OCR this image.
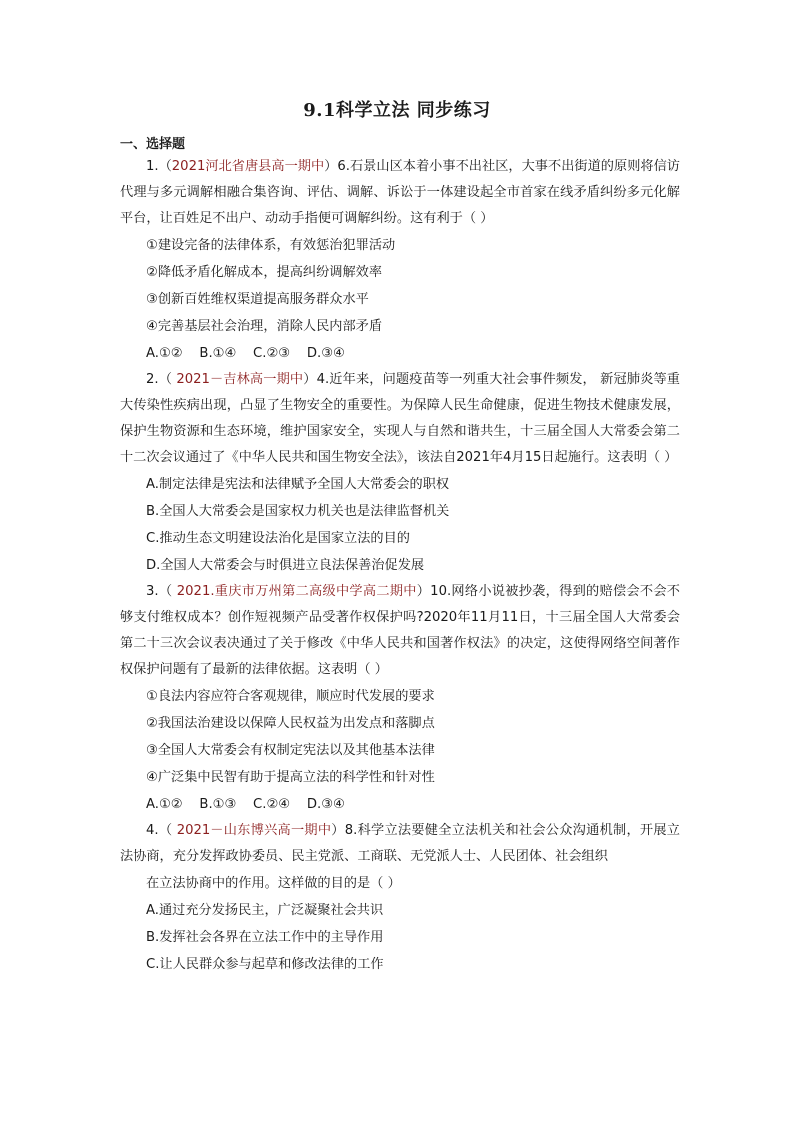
9.1科学立法 同步练习
一、选择题
1.（2021河北省唐县高一期中）6.石景山区本着小事不出社区，大事不出街道的原则将信访代理与多元调解相融合集咨询、评估、调解、诉讼于一体建设起全市首家在线矛盾纠纷多元化解平台，让百姓足不出户、动动手指便可调解纠纷。这有利于（ ）
①建设完备的法律体系，有效惩治犯罪活动
②降低矛盾化解成本，提高纠纷调解效率
③创新百姓维权渠道提高服务群众水平
④完善基层社会治理，消除人民内部矛盾
A.①②    B.①④    C.②③    D.③④
2.（ 2021－吉林高一期中）4.近年来，问题疫苗等一列重大社会事件频发， 新冠肺炎等重大传染性疾病出现，凸显了生物安全的重要性。为保障人民生命健康，促进生物技术健康发展，保护生物资源和生态环境，维护国家安全，实现人与自然和谐共生，十三届全国人大常委会第二十二次会议通过了《中华人民共和国生物安全法》，该法自2021年4月15日起施行。这表明（ ）
A.制定法律是宪法和法律赋予全国人大常委会的职权
B.全国人大常委会是国家权力机关也是法律监督机关
C.推动生态文明建设法治化是国家立法的目的
D.全国人大常委会与时俱进立良法保善治促发展
3.（ 2021.重庆市万州第二高级中学高二期中）10.网络小说被抄袭，得到的赔偿会不会不够支付维权成本？创作短视频产品受著作权保护吗?2020年11月11日，十三届全国人大常委会第二十三次会议表决通过了关于修改《中华人民共和国著作权法》的决定，这使得网络空间著作权保护问题有了最新的法律依据。这表明（ ）
①良法内容应符合客观规律，顺应时代发展的要求
②我国法治建设以保障人民权益为出发点和落脚点
③全国人大常委会有权制定宪法以及其他基本法律
④广泛集中民智有助于提高立法的科学性和针对性
A.①②    B.①③    C.②④    D.③④
4.（ 2021－山东博兴高一期中）8.科学立法要健全立法机关和社会公众沟通机制，开展立法协商，充分发挥政协委员、民主党派、工商联、无党派人士、人民团体、社会组织
在立法协商中的作用。这样做的目的是（ ）
A.通过充分发扬民主，广泛凝聚社会共识
B.发挥社会各界在立法工作中的主导作用
C.让人民群众参与起草和修改法律的工作
